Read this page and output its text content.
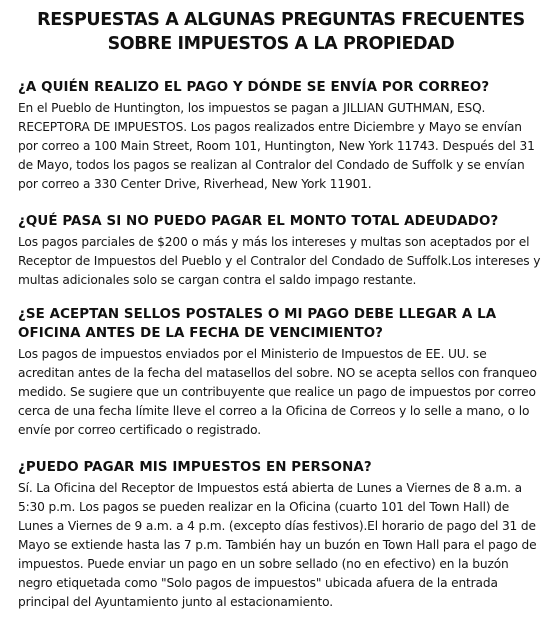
RESPUESTAS A ALGUNAS PREGUNTAS FRECUENTES
SOBRE IMPUESTOS A LA PROPIEDAD
¿A QUIÉN REALIZO EL PAGO Y DÓNDE SE ENVÍA POR CORREO?

En el Pueblo de Huntington, los impuestos se pagan a JILLIAN GUTHMAN, ESQ. RECEPTORA DE IMPUESTOS. Los pagos realizados entre Diciembre y Mayo se envían por correo a 100 Main Street, Room 101, Huntington, New York 11743. Después del 31 de Mayo, todos los pagos se realizan al Contralor del Condado de Suffolk y se envían por correo a 330 Center Drive, Riverhead, New York 11901.

¿QUÉ PASA SI NO PUEDO PAGAR EL MONTO TOTAL ADEUDADO?

Los pagos parciales de $200 o más y más los intereses y multas son aceptados por el Receptor de Impuestos del Pueblo y el Contralor del Condado de Suffolk.Los intereses y multas adicionales solo se cargan contra el saldo impago restante.

¿SE ACEPTAN SELLOS POSTALES O MI PAGO DEBE LLEGAR A LA OFICINA ANTES DE LA FECHA DE VENCIMIENTO?

Los pagos de impuestos enviados por el Ministerio de Impuestos de EE. UU. se acreditan antes de la fecha del matasellos del sobre. NO se acepta sellos con franqueo medido. Se sugiere que un contribuyente que realice un pago de impuestos por correo cerca de una fecha límite lleve el correo a la Oficina de Correos y lo selle a mano, o lo envíe por correo certificado o registrado.

¿PUEDO PAGAR MIS IMPUESTOS EN PERSONA?

Sí. La Oficina del Receptor de Impuestos está abierta de Lunes a Viernes de 8 a.m. a 5:30 p.m. Los pagos se pueden realizar en la Oficina (cuarto 101 del Town Hall) de Lunes a Viernes de 9 a.m. a 4 p.m. (excepto días festivos).El horario de pago del 31 de Mayo se extiende hasta las 7 p.m. También hay un buzón en Town Hall para el pago de impuestos. Puede enviar un pago en un sobre sellado (no en efectivo) en la buzón negro etiquetada como "Solo pagos de impuestos" ubicada afuera de la entrada principal del Ayuntamiento junto al estacionamiento.
